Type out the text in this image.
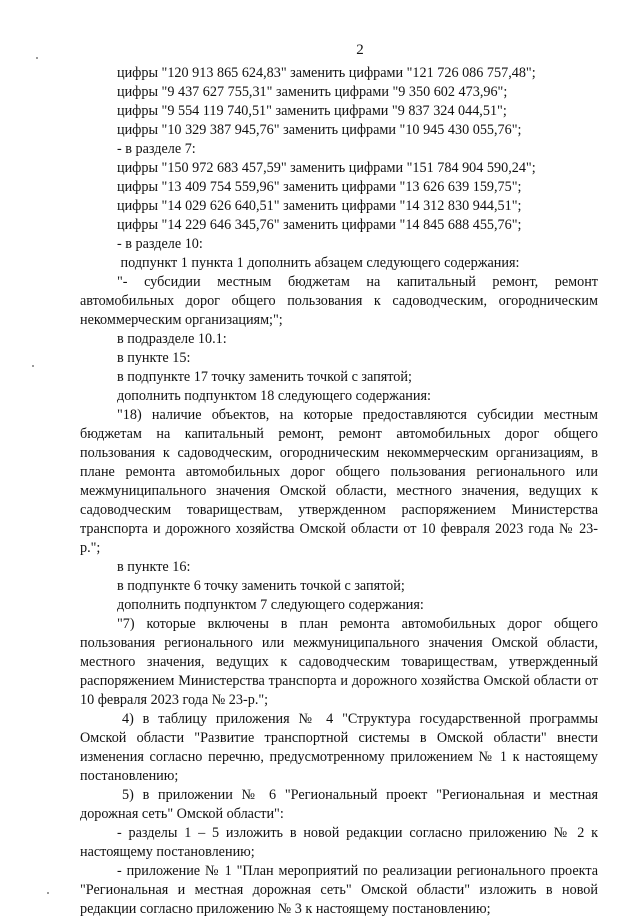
2
цифры "120 913 865 624,83" заменить цифрами "121 726 086 757,48";
цифры "9 437 627 755,31" заменить цифрами "9 350 602 473,96";
цифры "9 554 119 740,51" заменить цифрами "9 837 324 044,51";
цифры "10 329 387 945,76" заменить цифрами "10 945 430 055,76";
- в разделе 7:
цифры "150 972 683 457,59" заменить цифрами "151 784 904 590,24";
цифры "13 409 754 559,96" заменить цифрами "13 626 639 159,75";
цифры "14 029 626 640,51" заменить цифрами "14 312 830 944,51";
цифры "14 229 646 345,76" заменить цифрами "14 845 688 455,76";
- в разделе 10:
подпункт 1 пункта 1 дополнить абзацем следующего содержания:

"- субсидии местным бюджетам на капитальный ремонт, ремонт автомобильных дорог общего пользования к садоводческим, огородническим некоммерческим организациям;";

в подразделе 10.1:
в пункте 15:
в подпункте 17 точку заменить точкой с запятой;
дополнить подпунктом 18 следующего содержания:

"18) наличие объектов, на которые предоставляются субсидии местным бюджетам на капитальный ремонт, ремонт автомобильных дорог общего пользования к садоводческим, огородническим некоммерческим организациям, в плане ремонта автомобильных дорог общего пользования регионального или межмуниципального значения Омской области, местного значения, ведущих к садоводческим товариществам, утвержденном распоряжением Министерства транспорта и дорожного хозяйства Омской области от 10 февраля 2023 года № 23-р.";

в пункте 16:
в подпункте 6 точку заменить точкой с запятой;
дополнить подпунктом 7 следующего содержания:

"7) которые включены в план ремонта автомобильных дорог общего пользования регионального или межмуниципального значения Омской области, местного значения, ведущих к садоводческим товариществам, утвержденный распоряжением Министерства транспорта и дорожного хозяйства Омской области от 10 февраля 2023 года № 23-р.";

4) в таблицу приложения № 4 "Структура государственной программы Омской области "Развитие транспортной системы в Омской области" внести изменения согласно перечню, предусмотренному приложением № 1 к настоящему постановлению;

5) в приложении № 6 "Региональный проект "Региональная и местная дорожная сеть" Омской области":

- разделы 1 – 5 изложить в новой редакции согласно приложению № 2 к настоящему постановлению;

- приложение № 1 "План мероприятий по реализации регионального проекта "Региональная и местная дорожная сеть" Омской области" изложить в новой редакции согласно приложению № 3 к настоящему постановлению;
